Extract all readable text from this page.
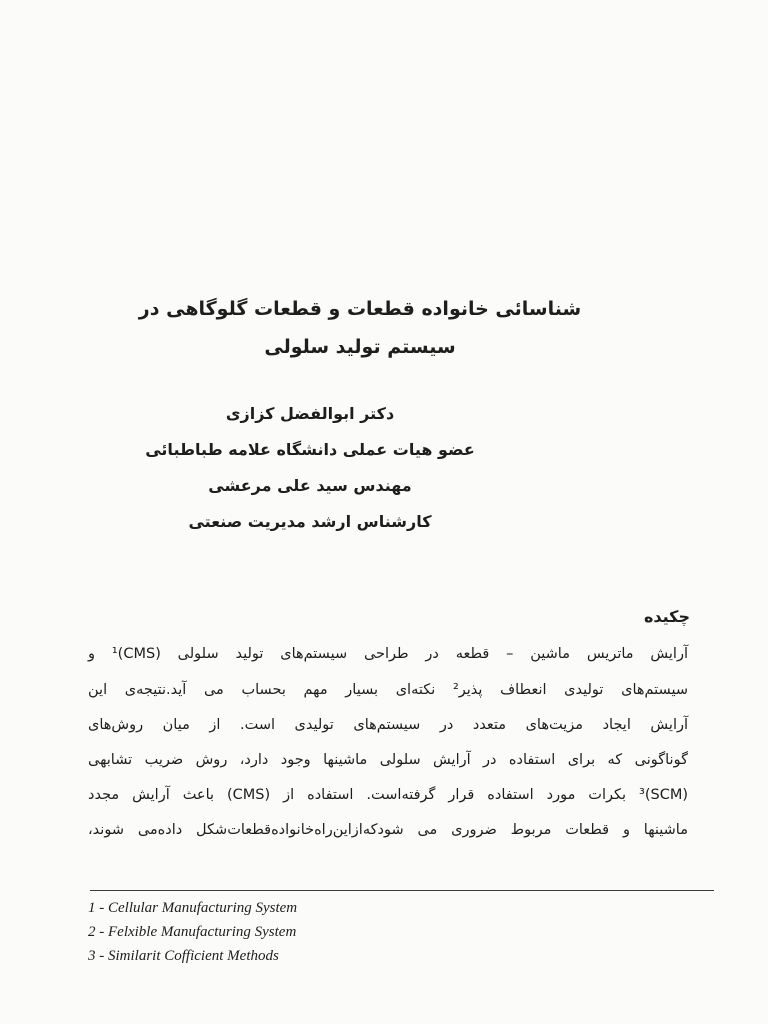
شناسائی خانواده قطعات و قطعات گلوگاهی در
سیستم تولید سلولی

دکتر ابوالفضل کزازی

عضو هیات عملی دانشگاه علامه طباطبائی

مهندس سید علی مرعشی

کارشناس ارشد مدیریت صنعتی

چکیده

آرایش ماتریس ماشین – قطعه در طراحی سیستم‌های تولید سلولی (CMS)¹ و

سیستم‌های تولیدی انعطاف پذیر² نکته‌ای بسیار مهم بحساب می آید.نتیجه‌ی این

آرایش ایجاد مزیت‌های متعدد در سیستم‌های تولیدی است. از میان روش‌های

گوناگونی که برای استفاده در آرایش سلولی ماشینها وجود دارد، روش ضریب تشابهی

(SCM)³ بکرات مورد استفاده قرار گرفته‌است. استفاده از (CMS) باعث آرایش مجدد

ماشینها و قطعات مربوط ضروری می شودکه‌ازاین‌راه‌خانواده‌قطعات‌شکل داده‌می شوند،

1 - Cellular Manufacturing System

2 - Felxible Manufacturing System

3 - Similarit Cofficient Methods
